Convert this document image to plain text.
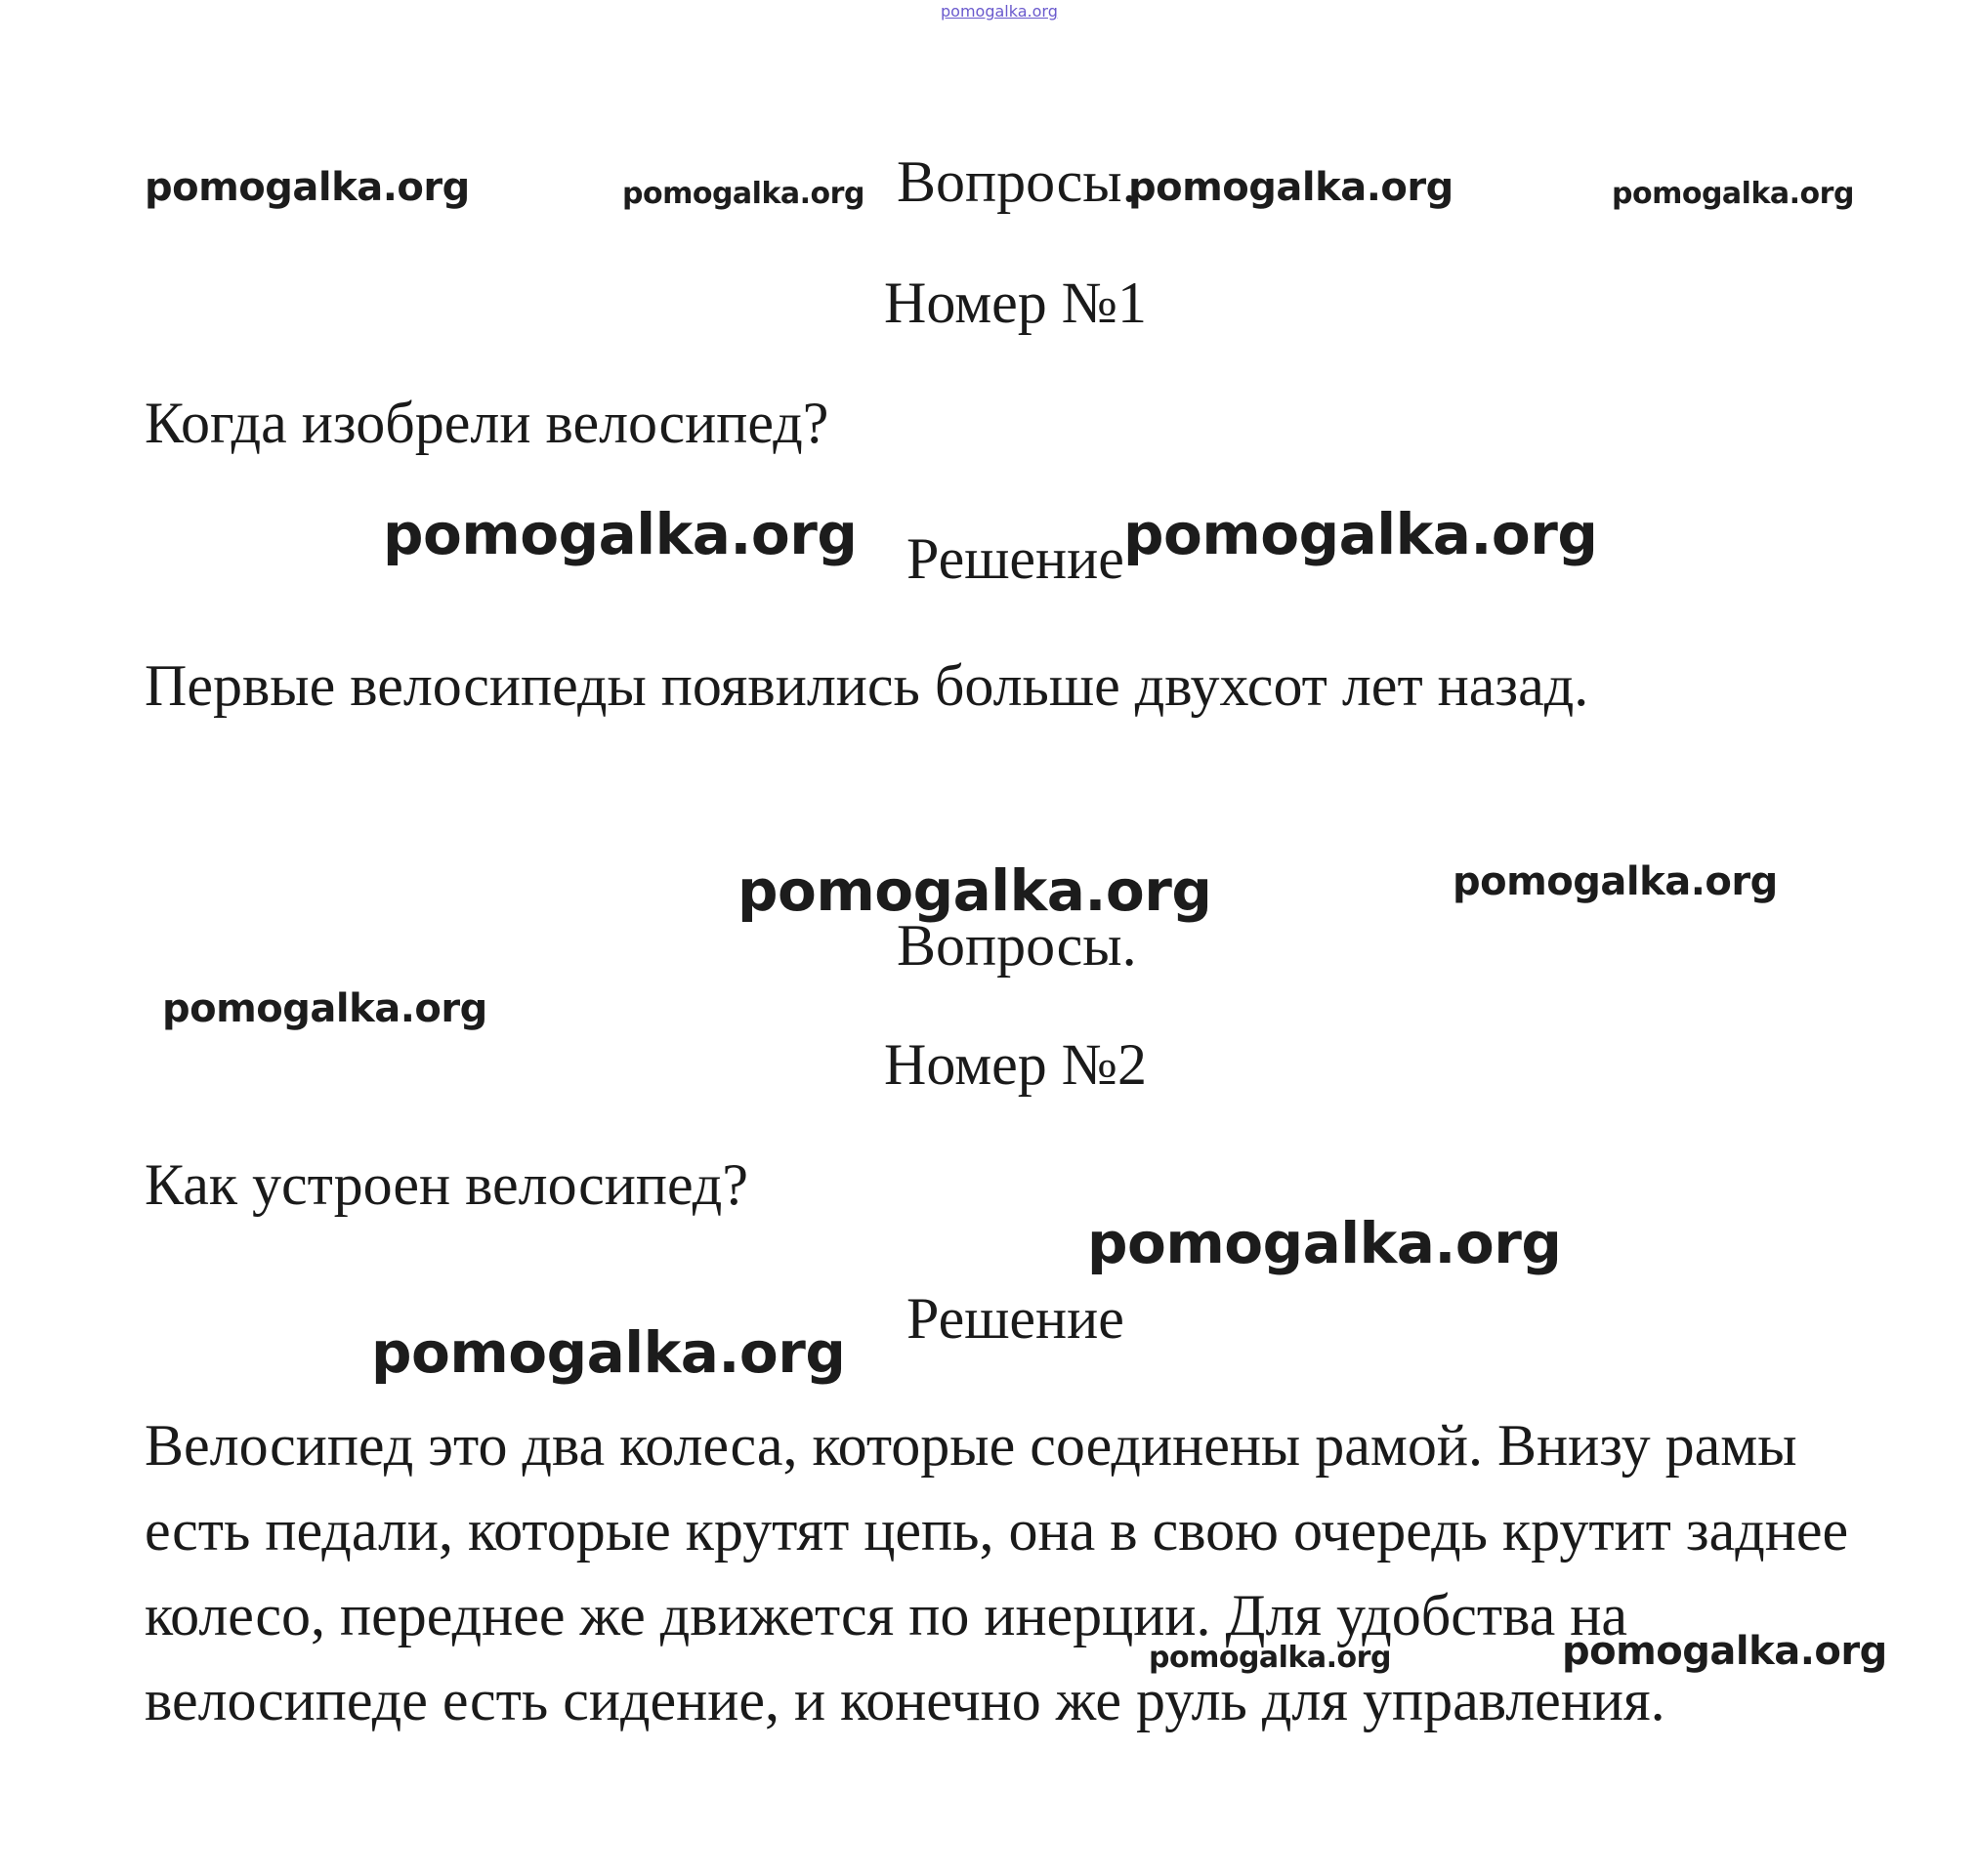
pomogalka.org
pomogalka.org	pomogalka.org Вопросы.
pomogalka.org	pomogalka.org
Номер №1
Когда изобрели велосипед?
pomogalka.org Решение pomogalka.org
Первые велосипеды появились больше двухсот лет назад.
pomogalka.org	pomogalka.org
Вопросы.
pomogalka.org
Номер №2
Как устроен велосипед?
pomogalka.org
Решение
pomogalka.org
Велосипед это два колеса, которые соединены рамой. Внизу рамы
есть педали, которые крутят цепь, она в свою очередь крутит заднее
колесо, переднее же движется по инерции. Для удобства на
велосипеде есть сидение, и конечно же руль для управления.
pomogalka.org	pomogalka.org
